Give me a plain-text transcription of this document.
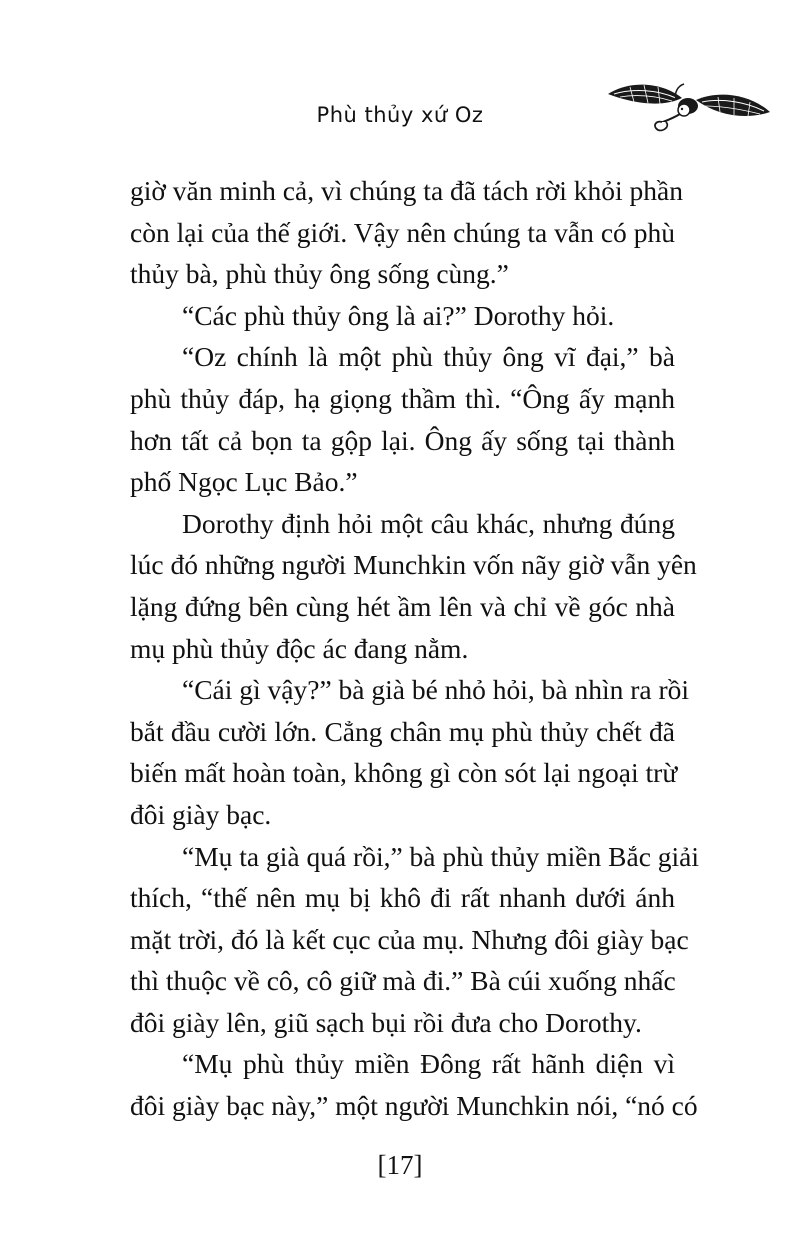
Phù thủy xứ Oz

giờ văn minh cả, vì chúng ta đã tách rời khỏi phần
còn lại của thế giới. Vậy nên chúng ta vẫn có phù
thủy bà, phù thủy ông sống cùng.”

“Các phù thủy ông là ai?” Dorothy hỏi.

“Oz chính là một phù thủy ông vĩ đại,” bà
phù thủy đáp, hạ giọng thầm thì. “Ông ấy mạnh
hơn tất cả bọn ta gộp lại. Ông ấy sống tại thành
phố Ngọc Lục Bảo.”

Dorothy định hỏi một câu khác, nhưng đúng
lúc đó những người Munchkin vốn nãy giờ vẫn yên
lặng đứng bên cùng hét ầm lên và chỉ về góc nhà
mụ phù thủy độc ác đang nằm.

“Cái gì vậy?” bà già bé nhỏ hỏi, bà nhìn ra rồi
bắt đầu cười lớn. Cẳng chân mụ phù thủy chết đã
biến mất hoàn toàn, không gì còn sót lại ngoại trừ
đôi giày bạc.

“Mụ ta già quá rồi,” bà phù thủy miền Bắc giải
thích, “thế nên mụ bị khô đi rất nhanh dưới ánh
mặt trời, đó là kết cục của mụ. Nhưng đôi giày bạc
thì thuộc về cô, cô giữ mà đi.” Bà cúi xuống nhấc
đôi giày lên, giũ sạch bụi rồi đưa cho Dorothy.

“Mụ phù thủy miền Đông rất hãnh diện vì
đôi giày bạc này,” một người Munchkin nói, “nó có

[17]
